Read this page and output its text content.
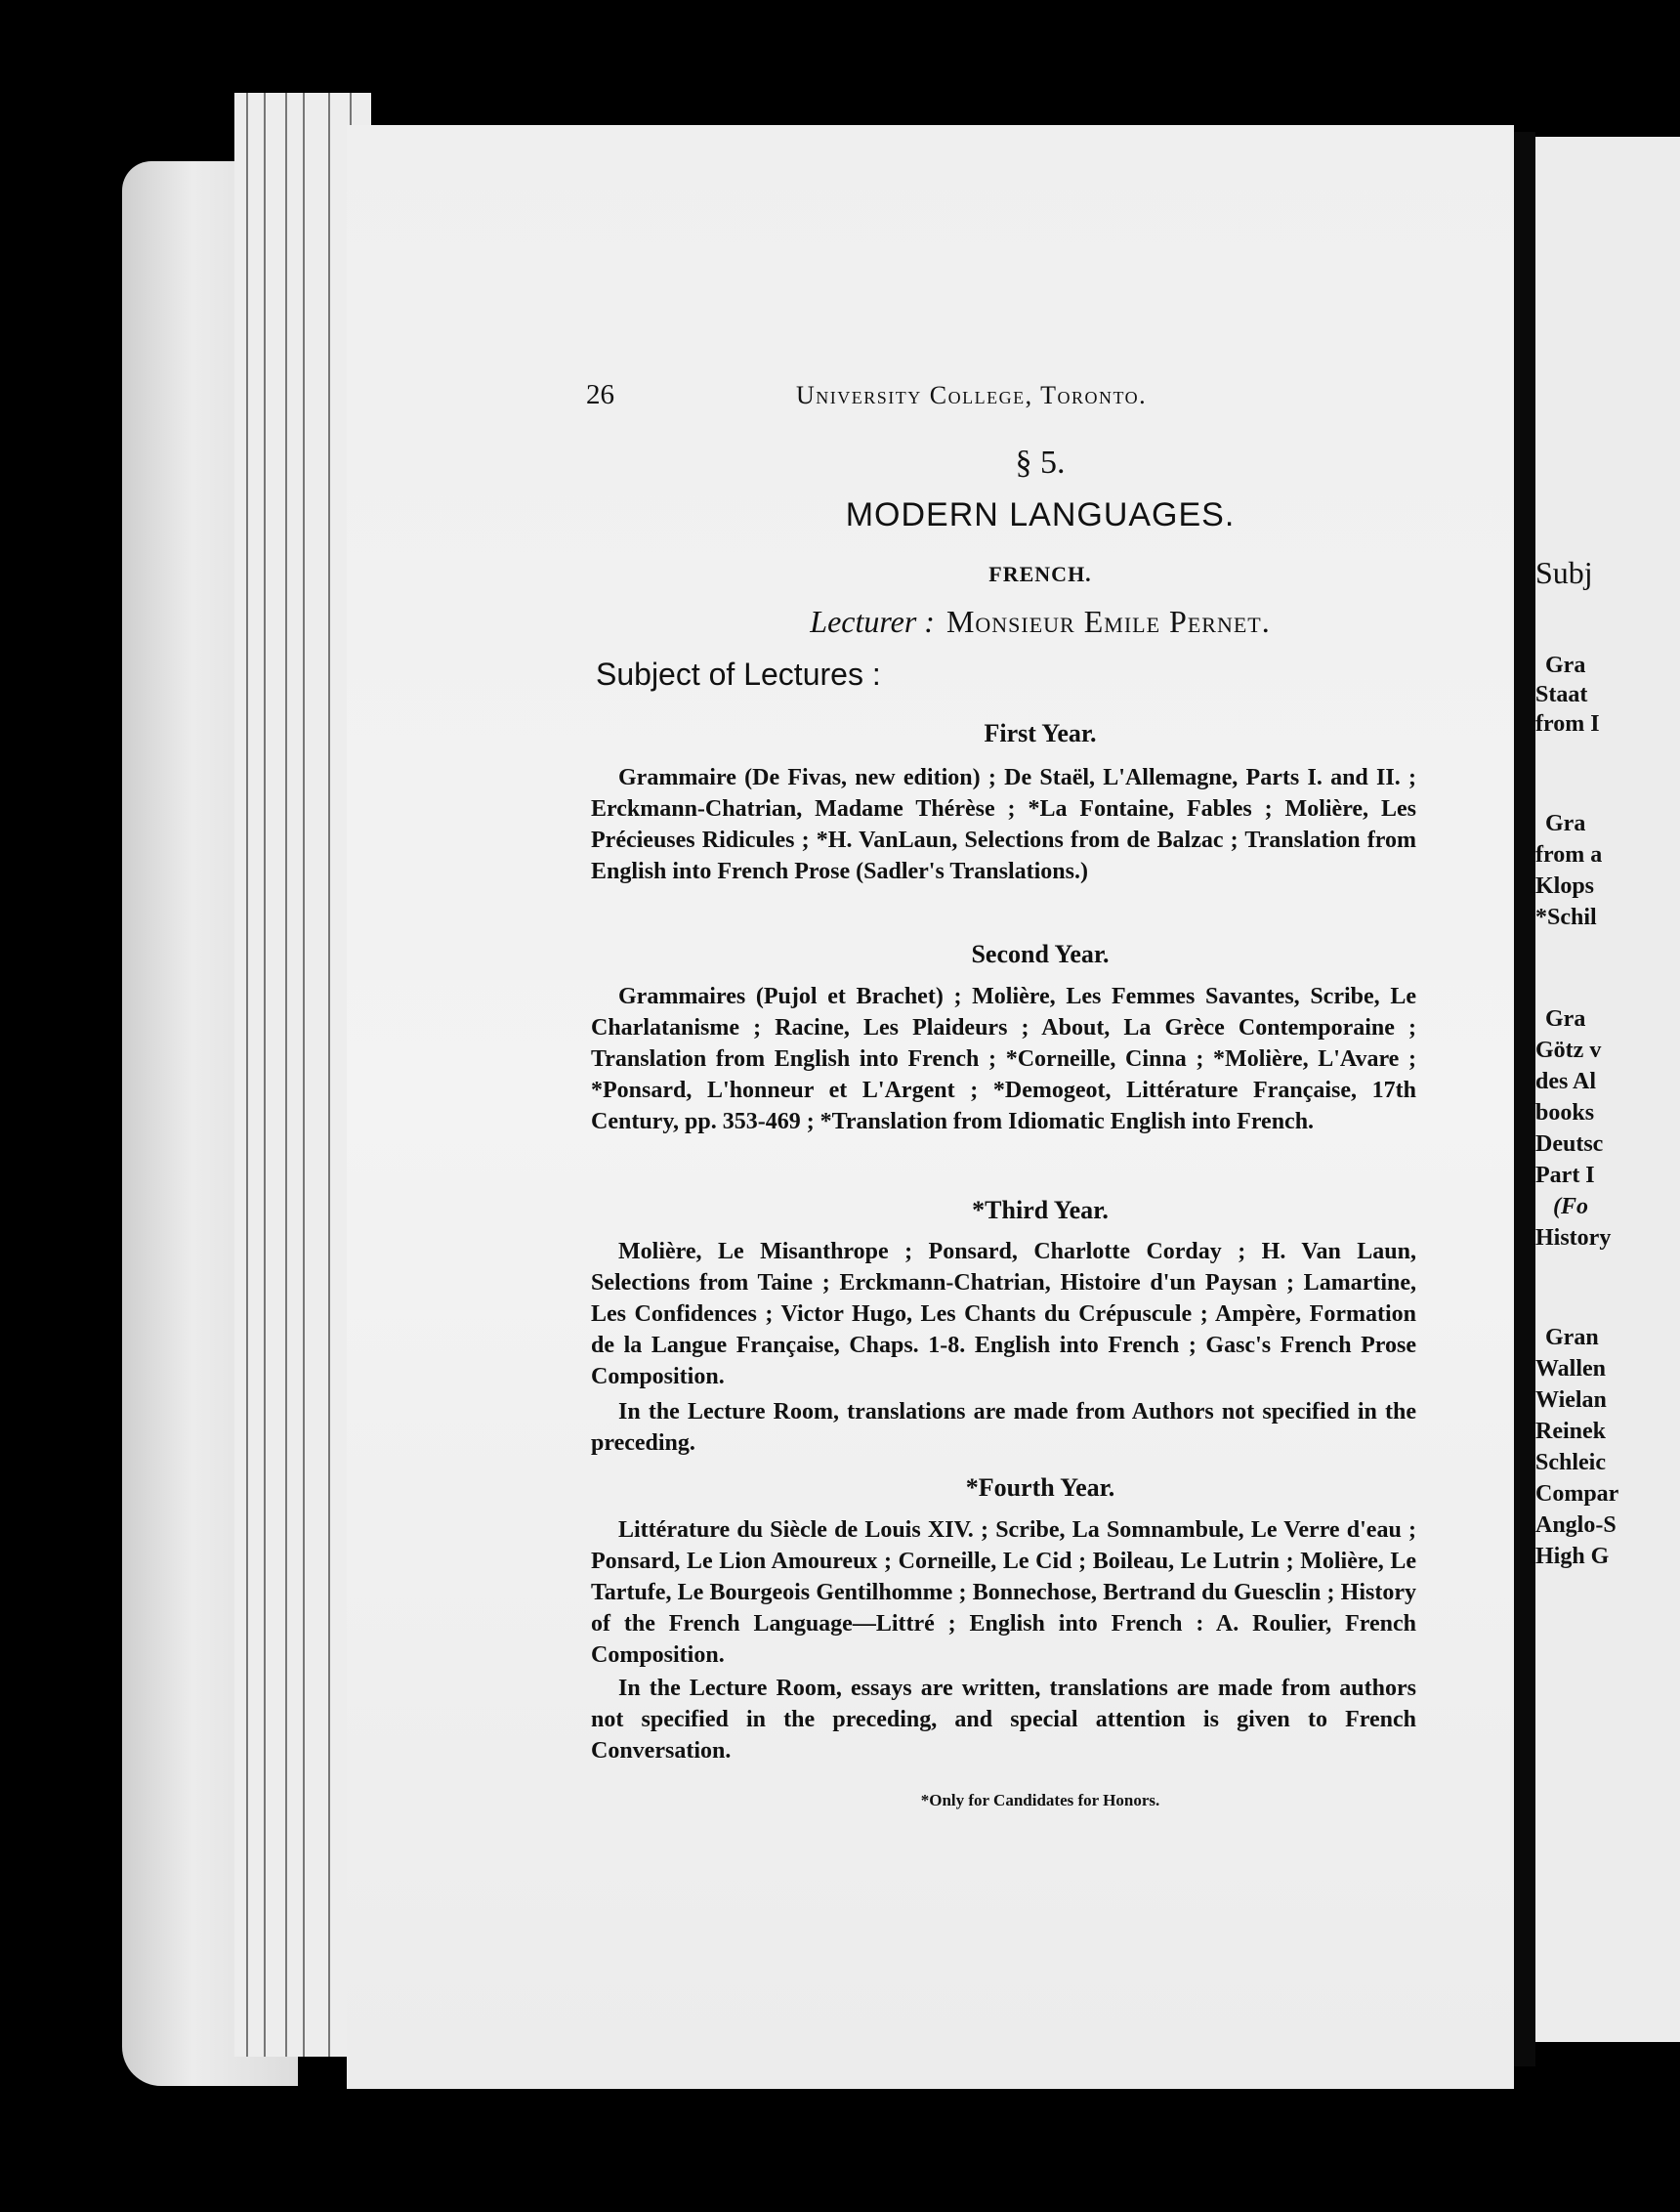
Subj
Gra
Staat
from I
Gra
from a
Klops
*Schil
Gra
Götz v
des Al
books
Deutsc
Part I
(Fo
History
Gran
Wallen
Wielan
Reinek
Schleic
Compar
Anglo-S
High G
26	University College, Toronto.
§ 5.
MODERN LANGUAGES.
FRENCH.
Lecturer : Monsieur Emile Pernet.
Subject of Lectures :
First Year.

Grammaire (De Fivas, new edition) ; De Staël, L'Allemagne, Parts I. and II. ; Erckmann-Chatrian, Madame Thérèse ; *La Fontaine, Fables ; Molière, Les Précieuses Ridicules ; *H. VanLaun, Selections from de Balzac ; Translation from English into French Prose (Sadler's Translations.)

Second Year.

Grammaires (Pujol et Brachet) ; Molière, Les Femmes Savantes, Scribe, Le Charlatanisme ; Racine, Les Plaideurs ; About, La Grèce Contemporaine ; Translation from English into French ; *Corneille, Cinna ; *Molière, L'Avare ; *Ponsard, L'honneur et L'Argent ; *Demogeot, Littérature Française, 17th Century, pp. 353-469 ; *Translation from Idiomatic English into French.

*Third Year.

Molière, Le Misanthrope ; Ponsard, Charlotte Corday ; H. Van Laun, Selections from Taine ; Erckmann-Chatrian, Histoire d'un Paysan ; Lamartine, Les Confidences ; Victor Hugo, Les Chants du Crépuscule ; Ampère, Formation de la Langue Française, Chaps. 1-8. English into French ; Gasc's French Prose Composition.

In the Lecture Room, translations are made from Authors not specified in the preceding.

*Fourth Year.

Littérature du Siècle de Louis XIV. ; Scribe, La Somnambule, Le Verre d'eau ; Ponsard, Le Lion Amoureux ; Corneille, Le Cid ; Boileau, Le Lutrin ; Molière, Le Tartufe, Le Bourgeois Gentilhomme ; Bonnechose, Bertrand du Guesclin ; History of the French Language—Littré ; English into French : A. Roulier, French Composition.

In the Lecture Room, essays are written, translations are made from authors not specified in the preceding, and special attention is given to French Conversation.

*Only for Candidates for Honors.
